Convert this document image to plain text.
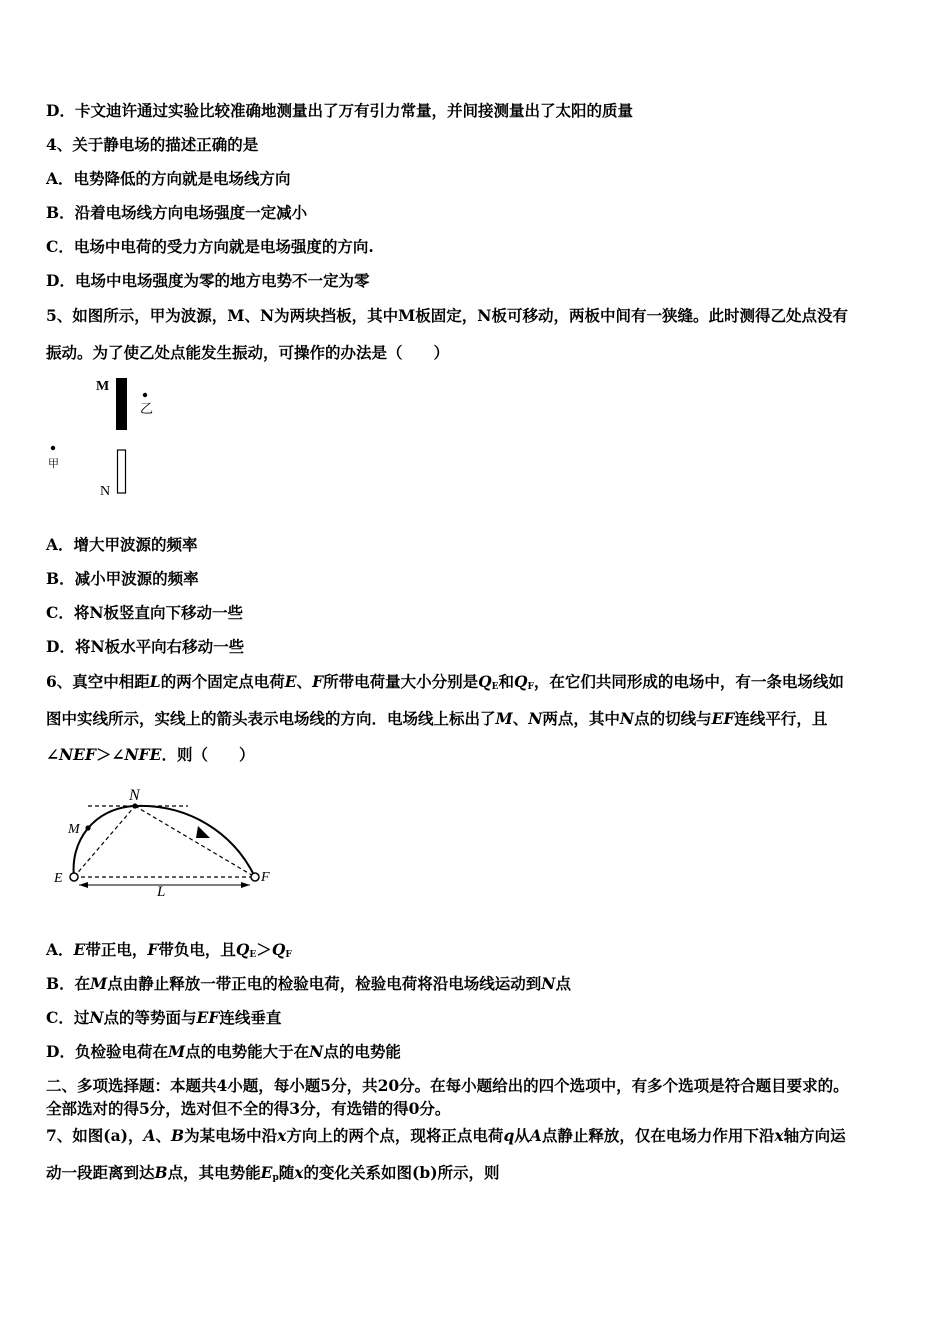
D．卡文迪许通过实验比较准确地测量出了万有引力常量，并间接测量出了太阳的质量
4、关于静电场的描述正确的是
A．电势降低的方向就是电场线方向
B．沿着电场线方向电场强度一定减小
C．电场中电荷的受力方向就是电场强度的方向.
D．电场中电场强度为零的地方电势不一定为零
5、如图所示，甲为波源，M、N为两块挡板，其中M板固定，N板可移动，两板中间有一狭缝。此时测得乙处点没有
振动。为了使乙处点能发生振动，可操作的办法是（　　）
M
乙
甲
N
A．增大甲波源的频率
B．减小甲波源的频率
C．将N板竖直向下移动一些
D．将N板水平向右移动一些
6、真空中相距L的两个固定点电荷E、F所带电荷量大小分别是$Q_E$和$Q_F$，在它们共同形成的电场中，有一条电场线如
图中实线所示，实线上的箭头表示电场线的方向．电场线上标出了M、N两点，其中N点的切线与EF连线平行，且
∠NEF＞∠NFE．则（　　）
N
M
E	F
L
A．E带正电，F带负电，且$Q_E>Q_F$
B．在M点由静止释放一带正电的检验电荷，检验电荷将沿电场线运动到N点
C．过N点的等势面与EF连线垂直
D．负检验电荷在M点的电势能大于在N点的电势能
二、多项选择题：本题共4小题，每小题5分，共20分。在每小题给出的四个选项中，有多个选项是符合题目要求的。
全部选对的得5分，选对但不全的得3分，有选错的得0分。
7、如图(a)，A、B为某电场中沿x方向上的两个点，现将正点电荷q从A点静止释放，仅在电场力作用下沿x轴方向运
动一段距离到达B点，其电势能$E_p$随x的变化关系如图(b)所示，则
